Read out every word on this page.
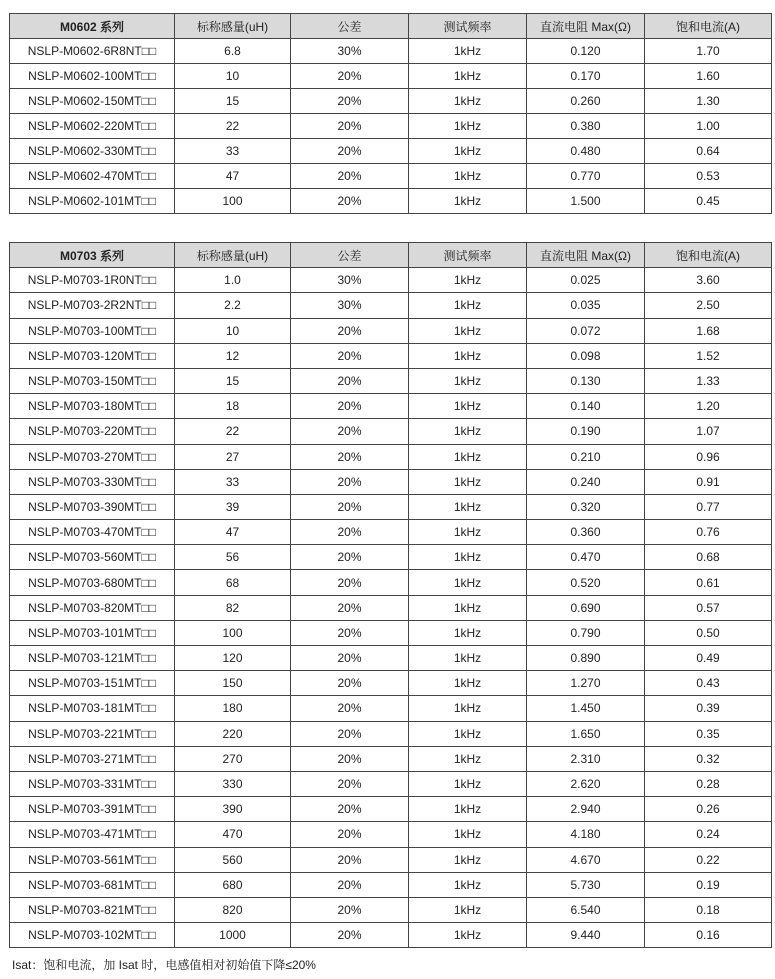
M0602 系列	标称感量(uH)	公差	测试频率	直流电阻 Max(Ω)	饱和电流(A)
NSLP-M0602-6R8NT□□	6.8	30%	1kHz	0.120	1.70
NSLP-M0602-100MT□□	10	20%	1kHz	0.170	1.60
NSLP-M0602-150MT□□	15	20%	1kHz	0.260	1.30
NSLP-M0602-220MT□□	22	20%	1kHz	0.380	1.00
NSLP-M0602-330MT□□	33	20%	1kHz	0.480	0.64
NSLP-M0602-470MT□□	47	20%	1kHz	0.770	0.53
NSLP-M0602-101MT□□	100	20%	1kHz	1.500	0.45
M0703 系列	标称感量(uH)	公差	测试频率	直流电阻 Max(Ω)	饱和电流(A)
NSLP-M0703-1R0NT□□	1.0	30%	1kHz	0.025	3.60
NSLP-M0703-2R2NT□□	2.2	30%	1kHz	0.035	2.50
NSLP-M0703-100MT□□	10	20%	1kHz	0.072	1.68
NSLP-M0703-120MT□□	12	20%	1kHz	0.098	1.52
NSLP-M0703-150MT□□	15	20%	1kHz	0.130	1.33
NSLP-M0703-180MT□□	18	20%	1kHz	0.140	1.20
NSLP-M0703-220MT□□	22	20%	1kHz	0.190	1.07
NSLP-M0703-270MT□□	27	20%	1kHz	0.210	0.96
NSLP-M0703-330MT□□	33	20%	1kHz	0.240	0.91
NSLP-M0703-390MT□□	39	20%	1kHz	0.320	0.77
NSLP-M0703-470MT□□	47	20%	1kHz	0.360	0.76
NSLP-M0703-560MT□□	56	20%	1kHz	0.470	0.68
NSLP-M0703-680MT□□	68	20%	1kHz	0.520	0.61
NSLP-M0703-820MT□□	82	20%	1kHz	0.690	0.57
NSLP-M0703-101MT□□	100	20%	1kHz	0.790	0.50
NSLP-M0703-121MT□□	120	20%	1kHz	0.890	0.49
NSLP-M0703-151MT□□	150	20%	1kHz	1.270	0.43
NSLP-M0703-181MT□□	180	20%	1kHz	1.450	0.39
NSLP-M0703-221MT□□	220	20%	1kHz	1.650	0.35
NSLP-M0703-271MT□□	270	20%	1kHz	2.310	0.32
NSLP-M0703-331MT□□	330	20%	1kHz	2.620	0.28
NSLP-M0703-391MT□□	390	20%	1kHz	2.940	0.26
NSLP-M0703-471MT□□	470	20%	1kHz	4.180	0.24
NSLP-M0703-561MT□□	560	20%	1kHz	4.670	0.22
NSLP-M0703-681MT□□	680	20%	1kHz	5.730	0.19
NSLP-M0703-821MT□□	820	20%	1kHz	6.540	0.18
NSLP-M0703-102MT□□	1000	20%	1kHz	9.440	0.16
Isat：饱和电流，加 Isat 时，电感值相对初始值下降≤20%
